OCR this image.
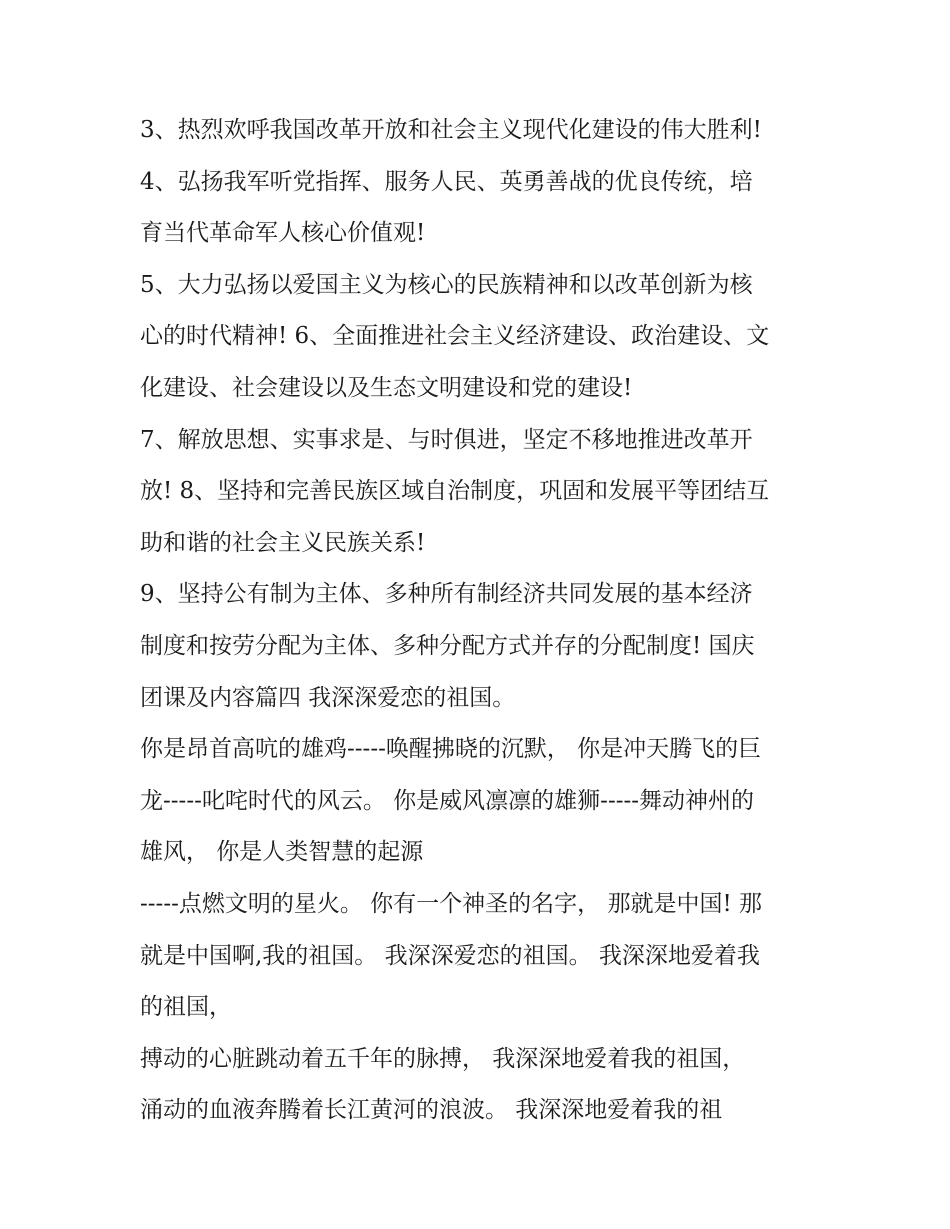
3、热烈欢呼我国改革开放和社会主义现代化建设的伟大胜利!
4、弘扬我军听党指挥、服务人民、英勇善战的优良传统，培
育当代革命军人核心价值观!
5、大力弘扬以爱国主义为核心的民族精神和以改革创新为核
心的时代精神! 6、全面推进社会主义经济建设、政治建设、文
化建设、社会建设以及生态文明建设和党的建设!
7、解放思想、实事求是、与时俱进，坚定不移地推进改革开
放! 8、坚持和完善民族区域自治制度，巩固和发展平等团结互
助和谐的社会主义民族关系!
9、坚持公有制为主体、多种所有制经济共同发展的基本经济
制度和按劳分配为主体、多种分配方式并存的分配制度! 国庆
团课及内容篇四 我深深爱恋的祖国。
你是昂首高吭的雄鸡-----唤醒拂晓的沉默， 你是冲天腾飞的巨
龙-----叱咤时代的风云。 你是威风凛凛的雄狮-----舞动神州的
雄风， 你是人类智慧的起源
-----点燃文明的星火。 你有一个神圣的名字， 那就是中国! 那
就是中国啊,我的祖国。 我深深爱恋的祖国。 我深深地爱着我
的祖国，
搏动的心脏跳动着五千年的脉搏， 我深深地爱着我的祖国，
涌动的血液奔腾着长江黄河的浪波。 我深深地爱着我的祖
